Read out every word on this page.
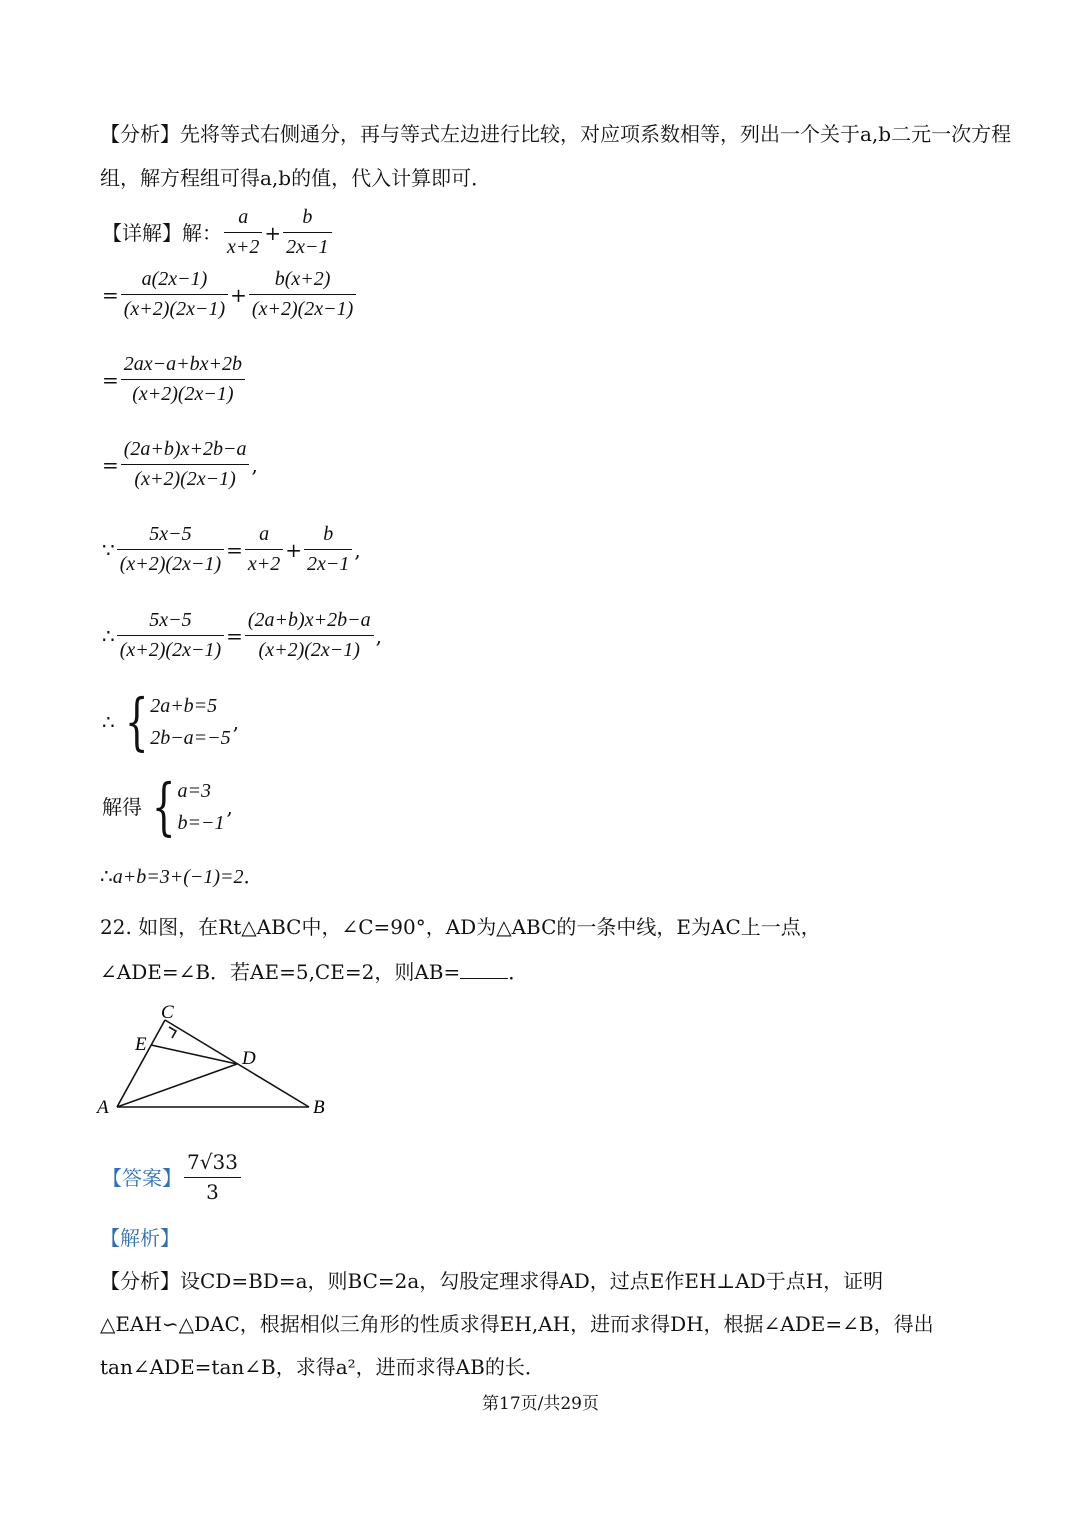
【分析】先将等式右侧通分，再与等式左边进行比较，对应项系数相等，列出一个关于a,b二元一次方程
组，解方程组可得a,b的值，代入计算即可．
【详解】解： $\frac{a}{x+2} + \frac{b}{2x-1}$
= $\frac{a(2x-1)}{(x+2)(2x-1)} + \frac{b(x+2)}{(x+2)(2x-1)}$
= $\frac{2ax-a+bx+2b}{(x+2)(2x-1)}$
= $\frac{(2a+b)x+2b-a}{(x+2)(2x-1)}$ ,
∵ $\frac{5x-5}{(x+2)(2x-1)} = \frac{a}{x+2} + \frac{b}{2x-1}$ ,
∴ $\frac{5x-5}{(x+2)(2x-1)} = \frac{(2a+b)x+2b-a}{(x+2)(2x-1)}$ ,
∴ { 2a+b=5
2b−a=−5
,
解得 { a=3
b=−1
,
∴a+b=3+(−1)=2．
22. 如图，在Rt△ABC中，∠C=90°，AD为△ABC的一条中线，E为AC上一点，
∠ADE=∠B．若AE=5,CE=2，则AB= ．
C
E
D
A	B
【答案】 $\frac{7√33}{3}$
【解析】
【分析】设CD=BD=a，则BC=2a，勾股定理求得AD，过点E作EH⊥AD于点H，证明
△EAH∽△DAC，根据相似三角形的性质求得EH,AH，进而求得DH，根据∠ADE=∠B，得出
tan∠ADE=tan∠B，求得a²，进而求得AB的长．
第17页/共29页
